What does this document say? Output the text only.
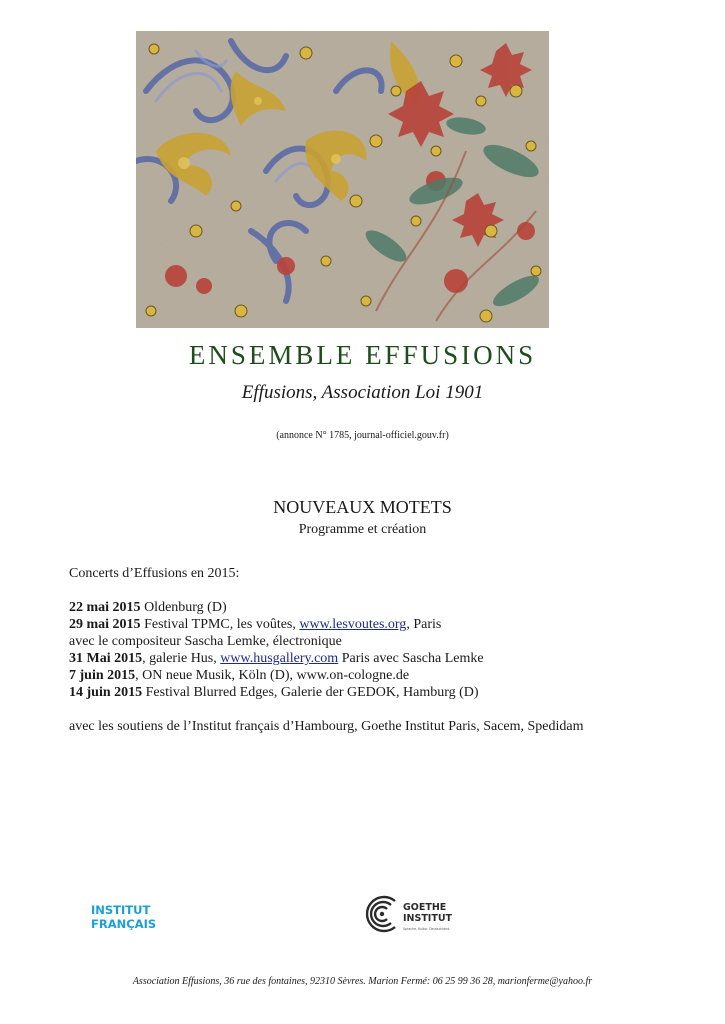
ENSEMBLE EFFUSIONS
Effusions, Association Loi 1901
(annonce N° 1785, journal-officiel.gouv.fr)
NOUVEAUX MOTETS
Programme et création

Concerts d’Effusions en 2015:

22 mai 2015 Oldenburg (D)

29 mai 2015 Festival TPMC, les voûtes, www.lesvoutes.org, Paris

avec le compositeur Sascha Lemke, électronique

31 Mai 2015, galerie Hus, www.husgallery.com Paris avec Sascha Lemke

7 juin 2015, ON neue Musik, Köln (D), www.on-cologne.de

14 juin 2015 Festival Blurred Edges, Galerie der GEDOK, Hamburg (D)

avec les soutiens de l’Institut français d’Hambourg, Goethe Institut Paris, Sacem, Spedidam

INSTITUT
FRANÇAIS
GOETHE
INSTITUT
Sprache. Kultur. Deutschland.
Association Effusions, 36 rue des fontaines, 92310 Sèvres. Marion Fermé: 06 25 99 36 28, marionferme@yahoo.fr
